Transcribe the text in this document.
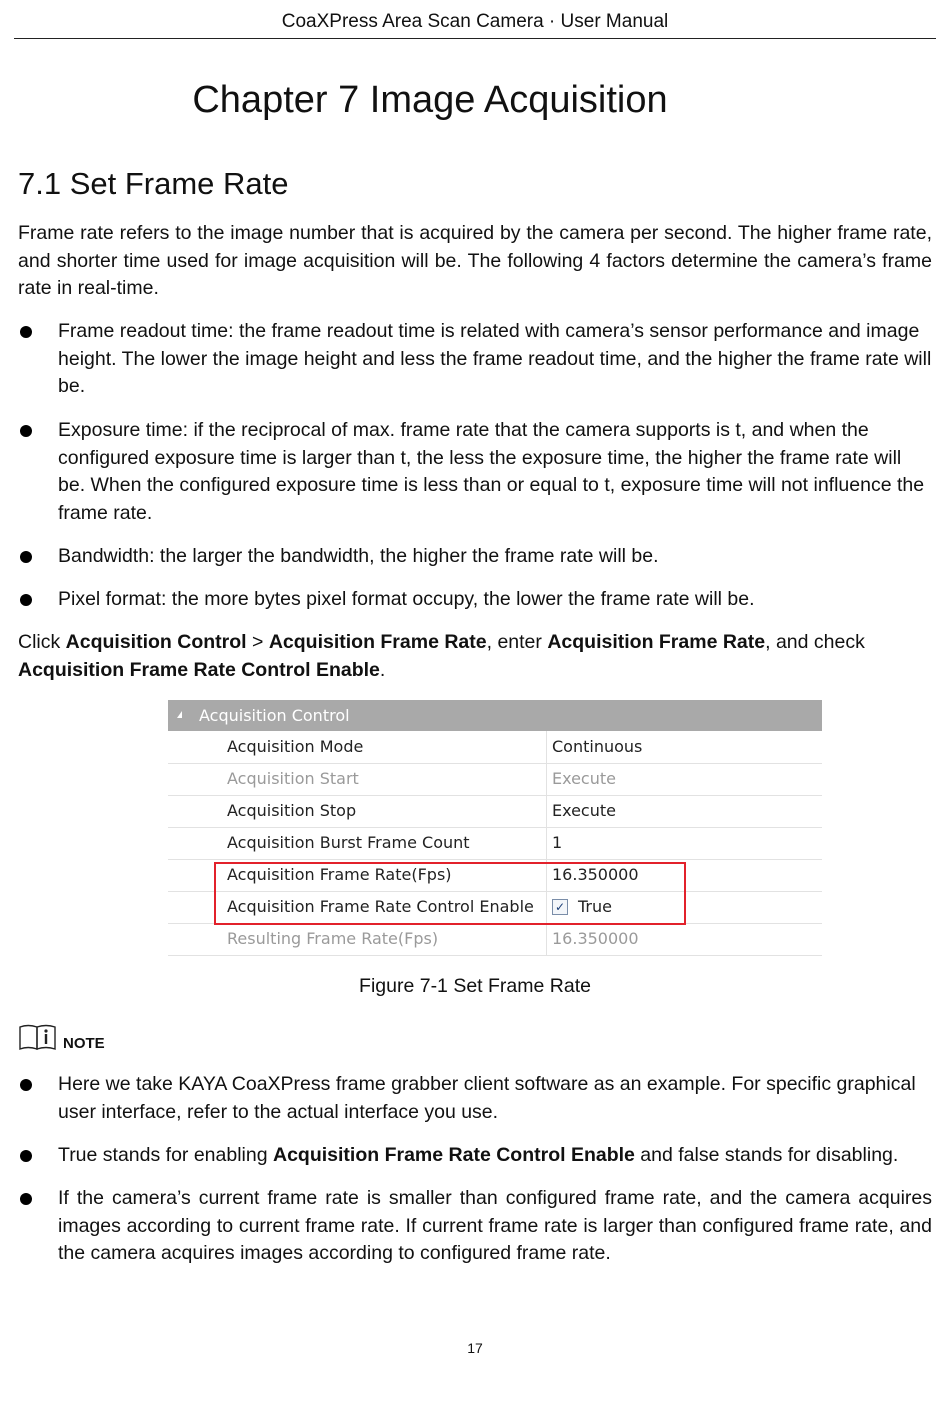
CoaXPress Area Scan Camera · User Manual
Chapter 7 Image Acquisition
7.1 Set Frame Rate

Frame rate refers to the image number that is acquired by the camera per second. The higher frame rate, and shorter time used for image acquisition will be. The following 4 factors determine the camera’s frame rate in real-time.

Frame readout time: the frame readout time is related with camera’s sensor performance and image height. The lower the image height and less the frame readout time, and the higher the frame rate will be.

Exposure time: if the reciprocal of max. frame rate that the camera supports is t, and when the configured exposure time is larger than t, the less the exposure time, the higher the frame rate will be. When the configured exposure time is less than or equal to t, exposure time will not influence the frame rate.

Bandwidth: the larger the bandwidth, the higher the frame rate will be.

Pixel format: the more bytes pixel format occupy, the lower the frame rate will be.

Click Acquisition Control > Acquisition Frame Rate, enter Acquisition Frame Rate, and check
Acquisition Frame Rate Control Enable.

Acquisition Control
Acquisition Mode	Continuous
Acquisition Start	Execute
Acquisition Stop	Execute
Acquisition Burst Frame Count	1
Acquisition Frame Rate(Fps)	16.350000
Acquisition Frame Rate Control Enable ✓ True
Resulting Frame Rate(Fps)	16.350000
Figure 7-1 Set Frame Rate
NOTE

Here we take KAYA CoaXPress frame grabber client software as an example. For specific graphical user interface, refer to the actual interface you use.

True stands for enabling Acquisition Frame Rate Control Enable and false stands for disabling.

If the camera’s current frame rate is smaller than configured frame rate, and the camera acquires images according to current frame rate. If current frame rate is larger than configured frame rate, and the camera acquires images according to configured frame rate.

17
